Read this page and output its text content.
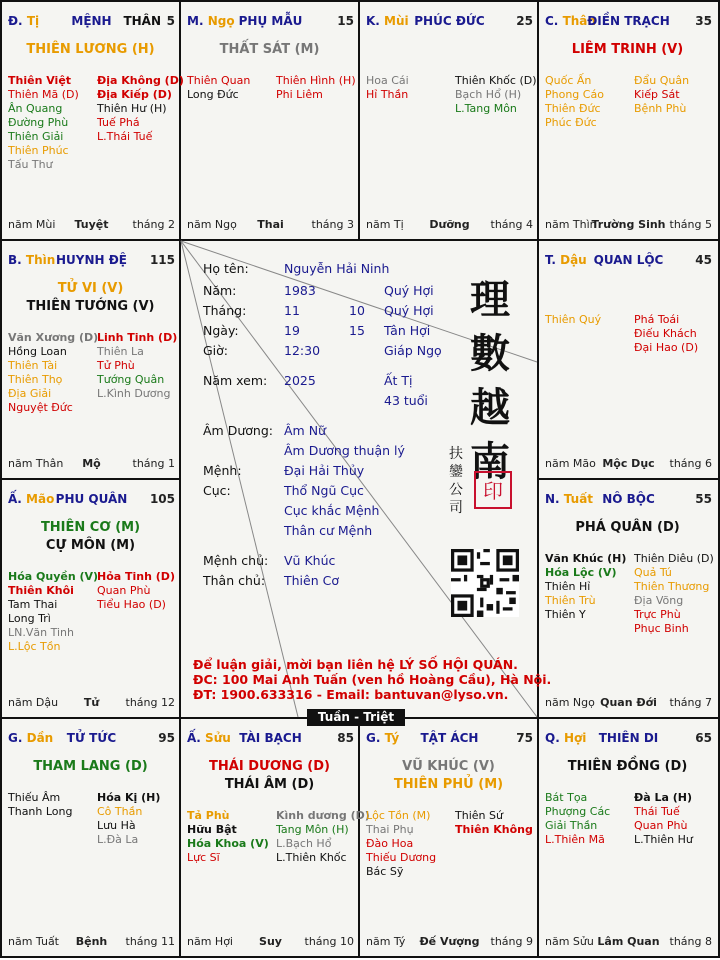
Đ. Tị	MỆNH THÂN 5
THIÊN LƯƠNG (H)
Thiên Việt
Thiên Mã (D)
Ân Quang
Đường Phù
Thiên Giải
Thiên Phúc
Tấu Thư
Địa Không (D)
Địa Kiếp (D)
Thiên Hư (H)
Tuế Phá
L.Thái Tuế
năm Mùi	Tuyệt	tháng 2
M. Ngọ PHỤ MẪU	15
THẤT SÁT (M)
Thiên Quan
Long Đức
Thiên Hình (H)
Phi Liêm
năm Ngọ	Thai	tháng 3
K. Mùi PHÚC ĐỨC	25
Hoa Cái
Hỉ Thần
Thiên Khốc (D)
Bạch Hổ (H)
L.Tang Môn
năm Tị	Dưỡng	tháng 4
C. Thân
ĐIỀN TRẠCH	35
LIÊM TRINH (V)
Quốc Ấn
Phong Cáo
Thiên Đức
Phúc Đức
Đẩu Quân
Kiếp Sát
Bệnh Phù
năm Thìn
Trường Sinh tháng 5
B. Thìn HUYNH ĐỆ	115
TỬ VI (V)
THIÊN TƯỚNG (V)
Văn Xương (D)
Hồng Loan
Thiên Tài
Thiên Thọ
Địa Giải
Nguyệt Đức
Linh Tinh (D)
Thiên La
Tử Phù
Tướng Quân
L.Kình Dương
năm Thân	Mộ	tháng 1
T. Dậu QUAN LỘC	45
Thiên Quý	Phá Toái
Điếu Khách
Đại Hao (D)
năm Mão Mộc Dục	tháng 6
Ấ. Mão PHU QUÂN	105
THIÊN CƠ (M)
CỰ MÔN (M)
Hóa Quyền (V)
Thiên Khôi
Tam Thai
Long Trì
LN.Văn Tinh
L.Lộc Tồn
Hỏa Tinh (D)
Quan Phù
Tiểu Hao (D)
năm Dậu	Tử	tháng 12
N. Tuất NÔ BỘC	55
PHÁ QUÂN (D)
Văn Khúc (H)
Hóa Lộc (V)
Thiên Hỉ
Thiên Trù
Thiên Y
Thiên Diêu (D)
Quả Tú
Thiên Thương
Địa Võng
Trực Phù
Phục Binh
năm Ngọ Quan Đới	tháng 7
G. Dần	TỬ TỨC	95
THAM LANG (D)
Thiếu Âm
Thanh Long
Hóa Kị (H)
Cô Thần
Lưu Hà
L.Đà La
năm Tuất	Bệnh	tháng 11
Ấ. Sửu TÀI BẠCH	85
THÁI DƯƠNG (D)
THÁI ÂM (D)
Tả Phù
Hữu Bật
Hóa Khoa (V)
Lực Sĩ
Kình dương (D)
Tang Môn (H)
L.Bạch Hổ
L.Thiên Khốc
năm Hợi	Suy	tháng 10
G. Tý	TẬT ÁCH	75
VŨ KHÚC (V)
THIÊN PHỦ (M)
Lộc Tồn (M)
Thai Phụ
Đào Hoa
Thiếu Dương
Bác Sỹ
Thiên Sứ
Thiên Không
năm Tý	Đế Vượng tháng 9
Q. Hợi	THIÊN DI	65
THIÊN ĐỒNG (D)
Bát Tọa
Phượng Các
Giải Thần
L.Thiên Mã
Đà La (H)
Thái Tuế
Quan Phù
L.Thiên Hư
năm Sửu Lâm Quan tháng 8
Họ tên:	Nguyễn Hải Ninh
Năm:	1983	Quý Hợi
Tháng:	11	10 Quý Hợi
Ngày:	19	15 Tân Hợi
Giờ:	12:30	Giáp Ngọ
Năm xem: 2025	Ất Tị
43 tuổi
Âm Dương: Âm Nữ
Âm Dương thuận lý
Mệnh:	Đại Hải Thủy
Cục:	Thổ Ngũ Cục
Cục khắc Mệnh
Thân cư Mệnh
Mệnh chủ: Vũ Khúc
Thân chủ: Thiên Cơ
理
數
越
南
扶鑾公司
印
Để luận giải, mời bạn liên hệ LÝ SỐ HỘI QUÁN.
ĐC: 100 Mai Anh Tuấn (ven hồ Hoàng Cầu), Hà Nội.
ĐT: 1900.633316 - Email: bantuvan@lyso.vn.
Tuần - Triệt
